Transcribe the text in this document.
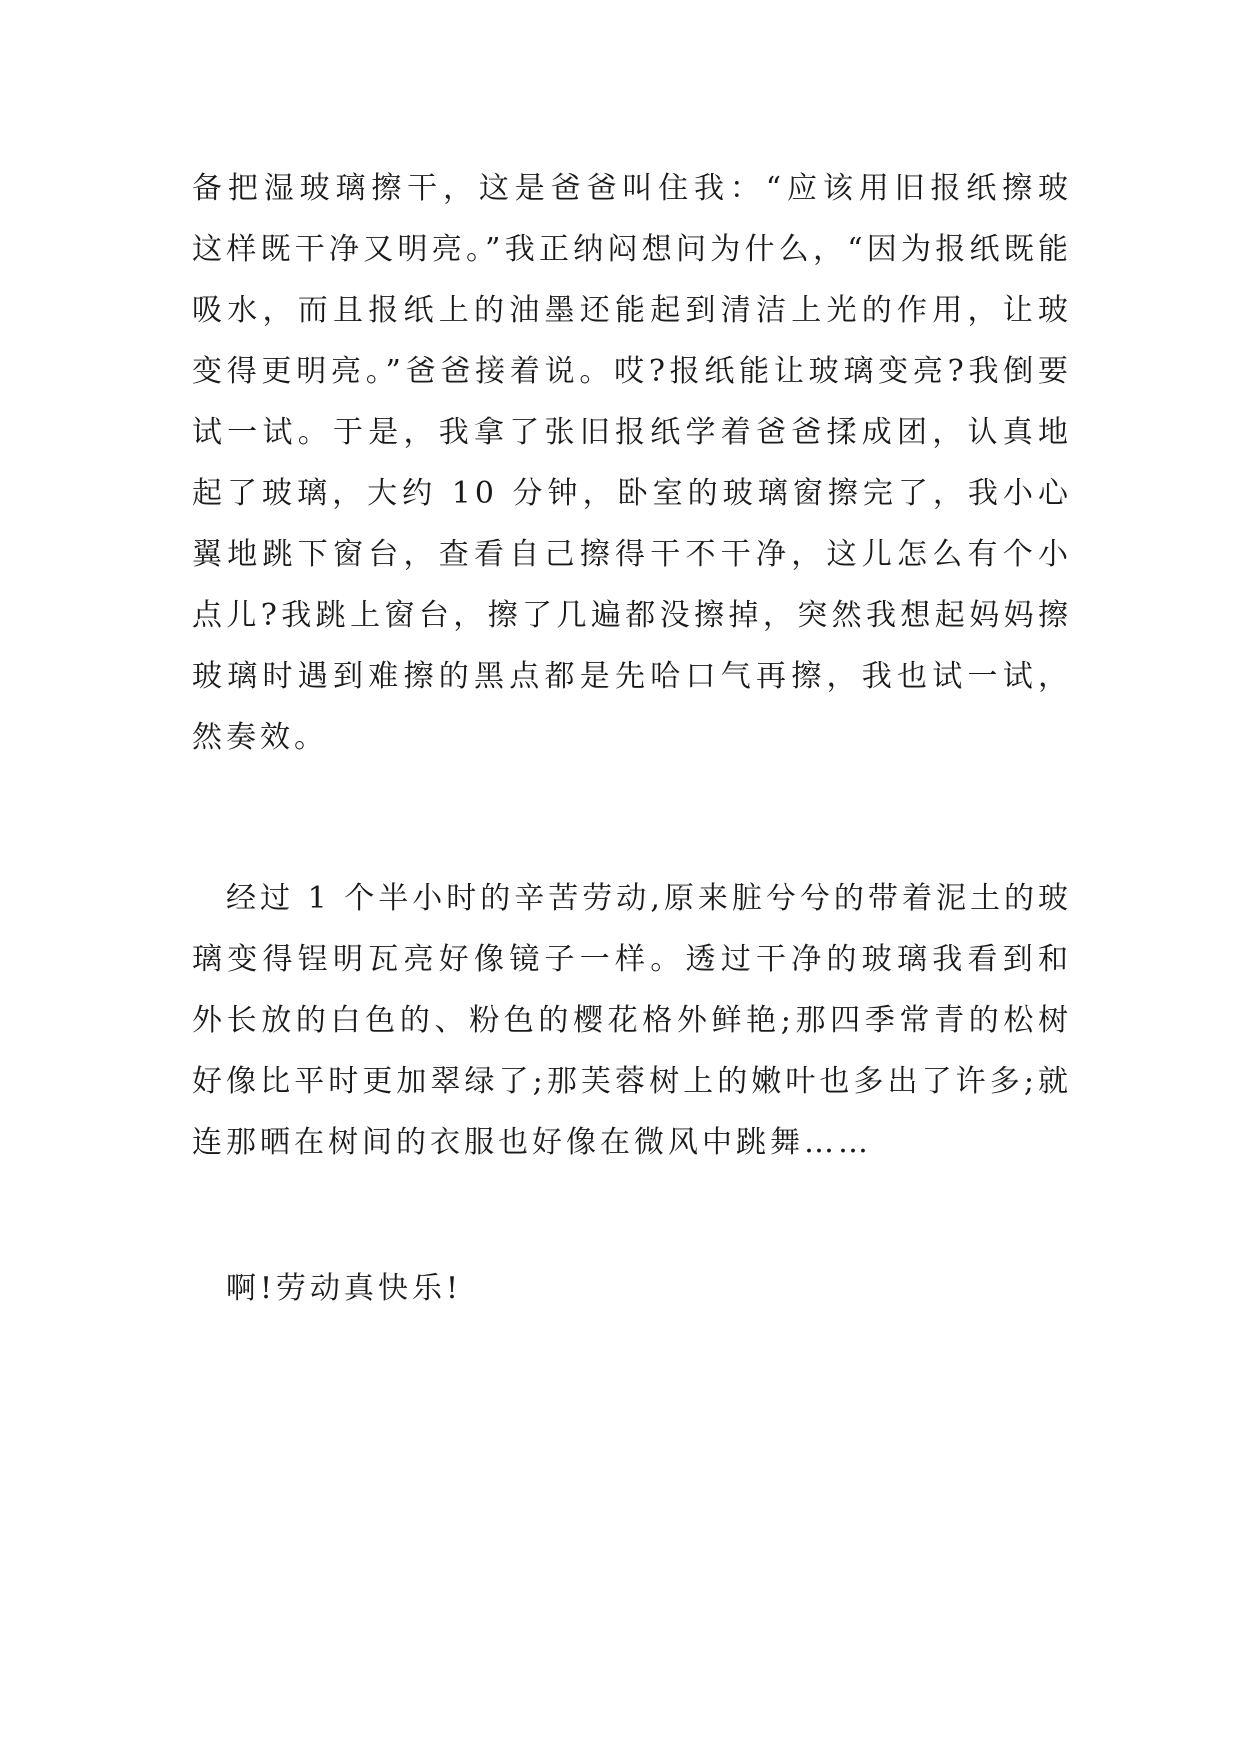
备把湿玻璃擦干，这是爸爸叫住我：“应该用旧报纸擦玻
这样既干净又明亮。”我正纳闷想问为什么，“因为报纸既能
吸水，而且报纸上的油墨还能起到清洁上光的作用，让玻
变得更明亮。”爸爸接着说。哎?报纸能让玻璃变亮?我倒要
试一试。于是，我拿了张旧报纸学着爸爸揉成团，认真地
起了玻璃，大约 10 分钟，卧室的玻璃窗擦完了，我小心
翼地跳下窗台，查看自己擦得干不干净，这儿怎么有个小
点儿?我跳上窗台，擦了几遍都没擦掉，突然我想起妈妈擦
玻璃时遇到难擦的黑点都是先哈口气再擦，我也试一试，
然奏效。
　经过 1 个半小时的辛苦劳动,原来脏兮兮的带着泥土的玻
璃变得锃明瓦亮好像镜子一样。透过干净的玻璃我看到和
外长放的白色的、粉色的樱花格外鲜艳;那四季常青的松树
好像比平时更加翠绿了;那芙蓉树上的嫩叶也多出了许多;就
连那晒在树间的衣服也好像在微风中跳舞……
　啊!劳动真快乐!
